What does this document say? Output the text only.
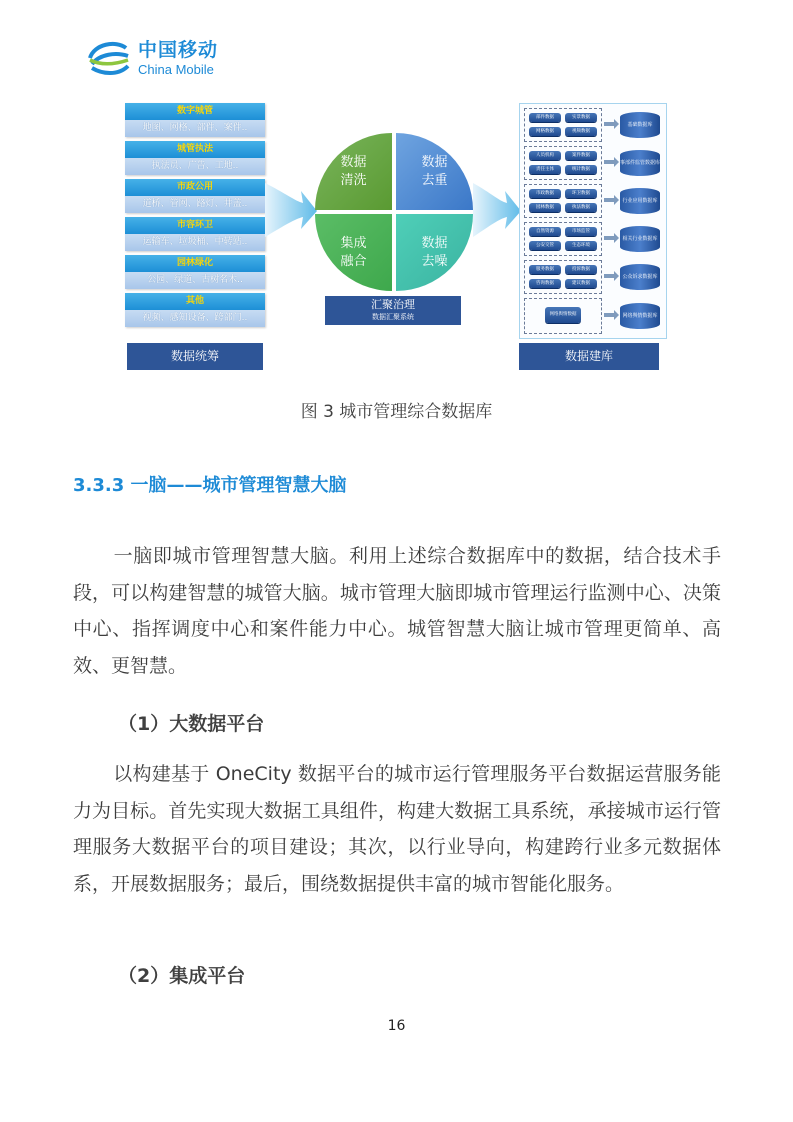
中国移动
China Mobile
数字城管
地图、网格、部件、案件..
城管执法
执法员、广告、工地..
市政公用
道桥、管网、路灯、井盖..
市容环卫
运输车、垃圾桶、中转站..
园林绿化
公园、绿道、古树名木..
其他
视频、感知设备、跨部门..
数据统筹
数据
清洗
数据
去重
集成
融合
数据
去噪
汇聚治理
数据汇聚系统
部件数据	实景数据
网格数据	视频数据
基础数据库
人员机构	案件数据
责任主体	统计数据
事部件监管数据库
市政数据	环卫数据
园林数据	执法数据
行业应用数据库
自然资源	市场监管
公安交管	生态环境
相关行业数据库
服务数据	投诉数据
咨询数据	建议数据
公众诉求数据库
网络舆情数据	网络舆情数据库
数据建库
图 3 城市管理综合数据库
3.3.3 一脑——城市管理智慧大脑
一脑即城市管理智慧大脑。利用上述综合数据库中的数据，结合技术手段，可以构建智慧的城管大脑。城市管理大脑即城市管理运行监测中心、决策中心、指挥调度中心和案件能力中心。城管智慧大脑让城市管理更简单、高效、更智慧。
（1）大数据平台
以构建基于 OneCity 数据平台的城市运行管理服务平台数据运营服务能力为目标。首先实现大数据工具组件，构建大数据工具系统，承接城市运行管理服务大数据平台的项目建设；其次，以行业导向，构建跨行业多元数据体系，开展数据服务；最后，围绕数据提供丰富的城市智能化服务。
（2）集成平台
16
